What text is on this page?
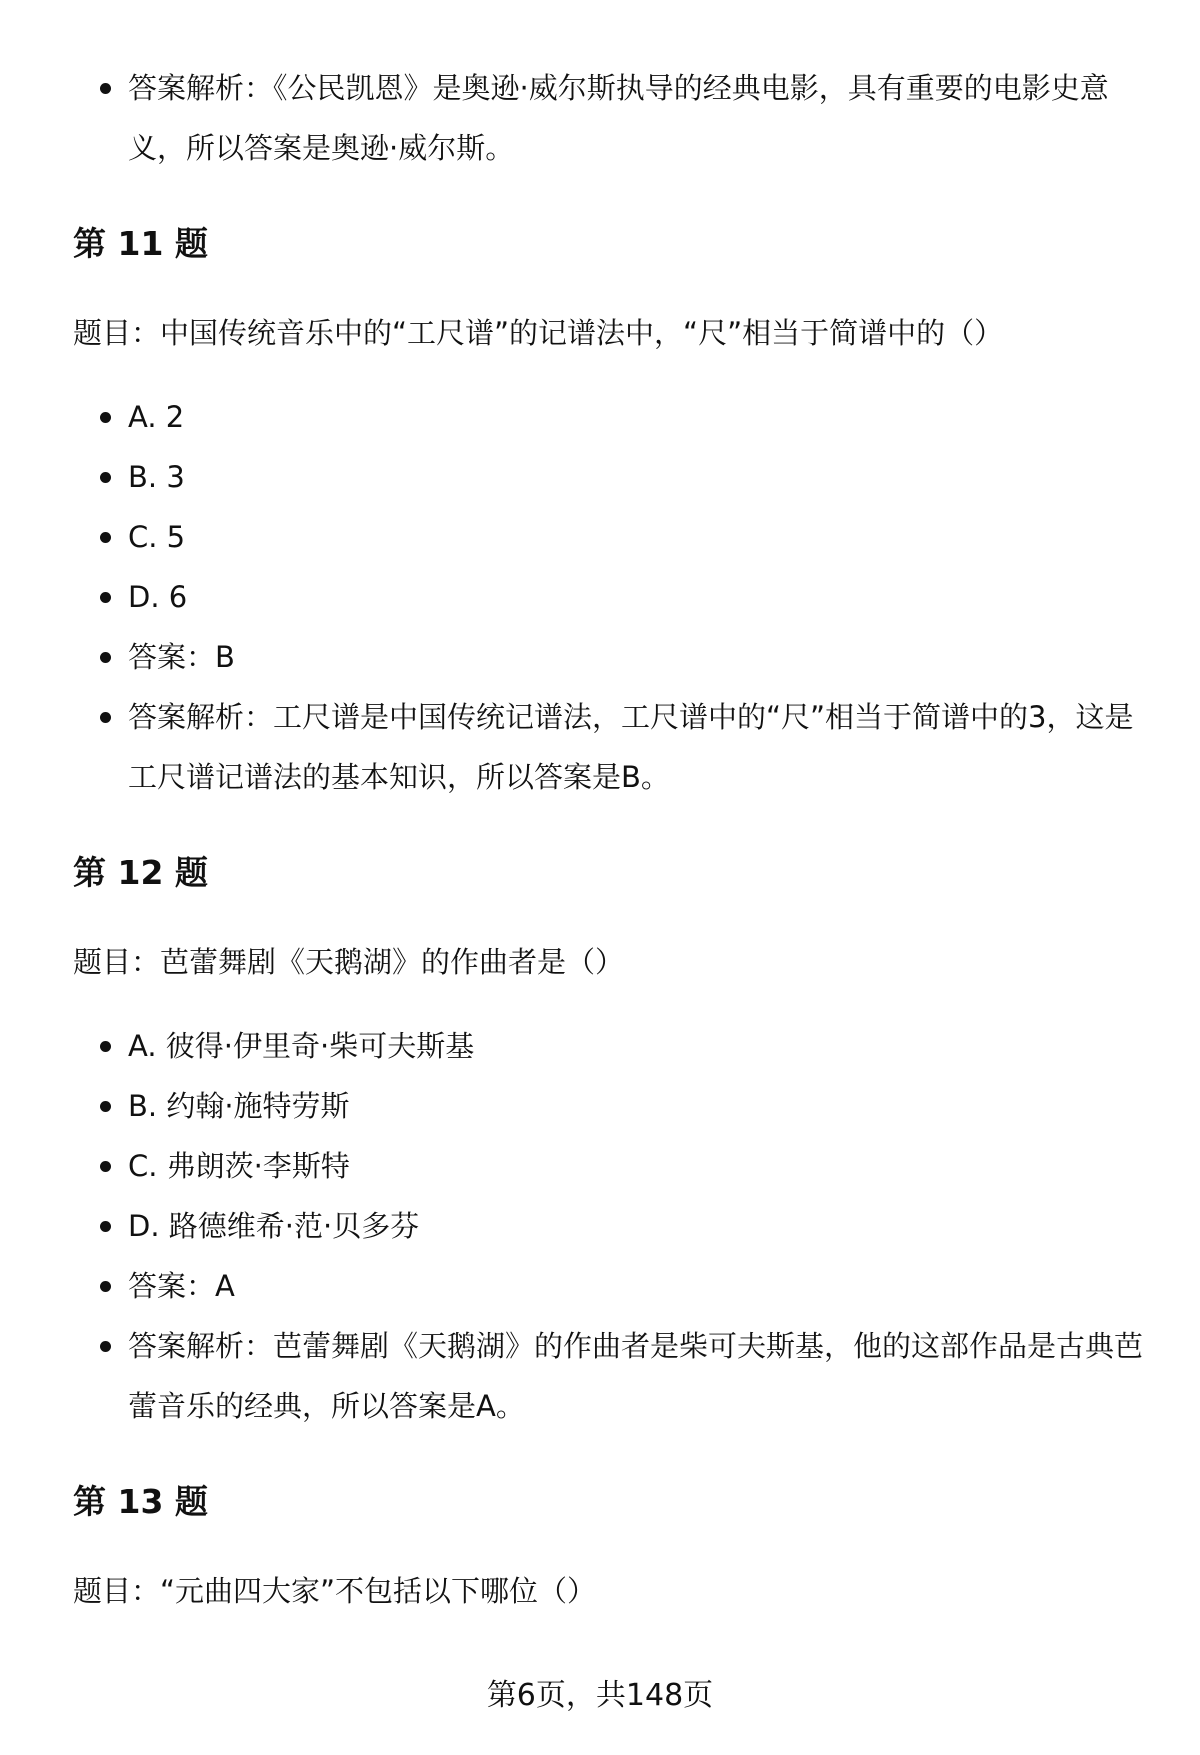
答案解析：《公民凯恩》是奥逊·威尔斯执导的经典电影，具有重要的电影史意义，所以答案是奥逊·威尔斯。
第 11 题

题目：中国传统音乐中的“工尺谱”的记谱法中，“尺”相当于简谱中的（）

A. 2
B. 3
C. 5
D. 6
答案：B
答案解析：工尺谱是中国传统记谱法，工尺谱中的“尺”相当于简谱中的3，这是工尺谱记谱法的基本知识，所以答案是B。
第 12 题

题目：芭蕾舞剧《天鹅湖》的作曲者是（）

A. 彼得·伊里奇·柴可夫斯基
B. 约翰·施特劳斯
C. 弗朗茨·李斯特
D. 路德维希·范·贝多芬
答案：A
答案解析：芭蕾舞剧《天鹅湖》的作曲者是柴可夫斯基，他的这部作品是古典芭蕾音乐的经典，所以答案是A。
第 13 题

题目：“元曲四大家”不包括以下哪位（）

第6页，共148页
